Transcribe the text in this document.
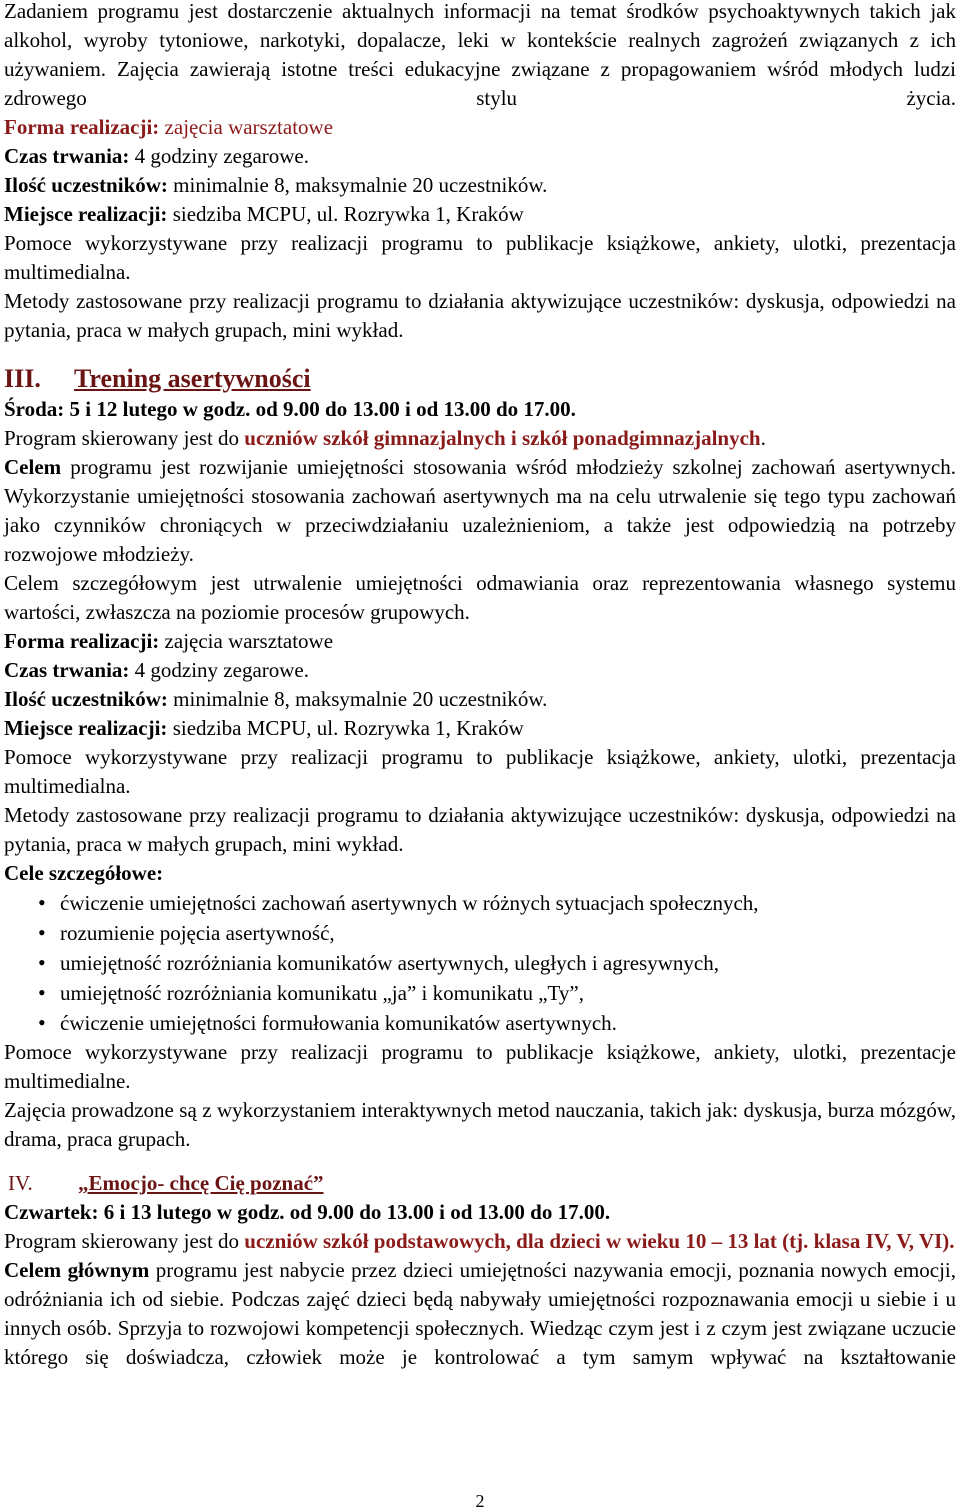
Zadaniem programu jest dostarczenie aktualnych informacji na temat środków psychoaktywnych takich jak alkohol, wyroby tytoniowe, narkotyki, dopalacze, leki w kontekście realnych zagrożeń związanych z ich używaniem. Zajęcia zawierają istotne treści edukacyjne związane z propagowaniem wśród młodych ludzi zdrowego stylu życia.

Forma realizacji: zajęcia warsztatowe

Czas trwania: 4 godziny zegarowe.

Ilość uczestników: minimalnie 8, maksymalnie 20 uczestników.

Miejsce realizacji: siedziba MCPU, ul. Rozrywka 1, Kraków

Pomoce wykorzystywane przy realizacji programu to publikacje książkowe, ankiety, ulotki, prezentacja multimedialna.

Metody zastosowane przy realizacji programu to działania aktywizujące uczestników: dyskusja, odpowiedzi na pytania, praca w małych grupach, mini wykład.

III. Trening asertywności

Środa: 5 i 12 lutego w godz. od 9.00 do 13.00 i od 13.00 do 17.00.

Program skierowany jest do uczniów szkół gimnazjalnych i szkół ponadgimnazjalnych.

Celem programu jest rozwijanie umiejętności stosowania wśród młodzieży szkolnej zachowań asertywnych. Wykorzystanie umiejętności stosowania zachowań asertywnych ma na celu utrwalenie się tego typu zachowań jako czynników chroniących w przeciwdziałaniu uzależnieniom, a także jest odpowiedzią na potrzeby rozwojowe młodzieży.

Celem szczegółowym jest utrwalenie umiejętności odmawiania oraz reprezentowania własnego systemu wartości, zwłaszcza na poziomie procesów grupowych.

Forma realizacji: zajęcia warsztatowe

Czas trwania: 4 godziny zegarowe.

Ilość uczestników: minimalnie 8, maksymalnie 20 uczestników.

Miejsce realizacji: siedziba MCPU, ul. Rozrywka 1, Kraków

Pomoce wykorzystywane przy realizacji programu to publikacje książkowe, ankiety, ulotki, prezentacja multimedialna.

Metody zastosowane przy realizacji programu to działania aktywizujące uczestników: dyskusja, odpowiedzi na pytania, praca w małych grupach, mini wykład.

Cele szczegółowe:

• ćwiczenie umiejętności zachowań asertywnych w różnych sytuacjach społecznych,
• rozumienie pojęcia asertywność,
• umiejętność rozróżniania komunikatów asertywnych, uległych i agresywnych,
• umiejętność rozróżniania komunikatu „ja” i komunikatu „Ty”,
• ćwiczenie umiejętności formułowania komunikatów asertywnych.

Pomoce wykorzystywane przy realizacji programu to publikacje książkowe, ankiety, ulotki, prezentacje multimedialne.

Zajęcia prowadzone są z wykorzystaniem interaktywnych metod nauczania, takich jak: dyskusja, burza mózgów, drama, praca grupach.

IV. „Emocjo- chcę Cię poznać”

Czwartek: 6 i 13 lutego w godz. od 9.00 do 13.00 i od 13.00 do 17.00.

Program skierowany jest do uczniów szkół podstawowych, dla dzieci w wieku 10 – 13 lat (tj. klasa IV, V, VI).

Celem głównym programu jest nabycie przez dzieci umiejętności nazywania emocji, poznania nowych emocji, odróżniania ich od siebie. Podczas zajęć dzieci będą nabywały umiejętności rozpoznawania emocji u siebie i u innych osób. Sprzyja to rozwojowi kompetencji społecznych. Wiedząc czym jest i z czym jest związane uczucie którego się doświadcza, człowiek może je kontrolować a tym samym wpływać na kształtowanie

2
